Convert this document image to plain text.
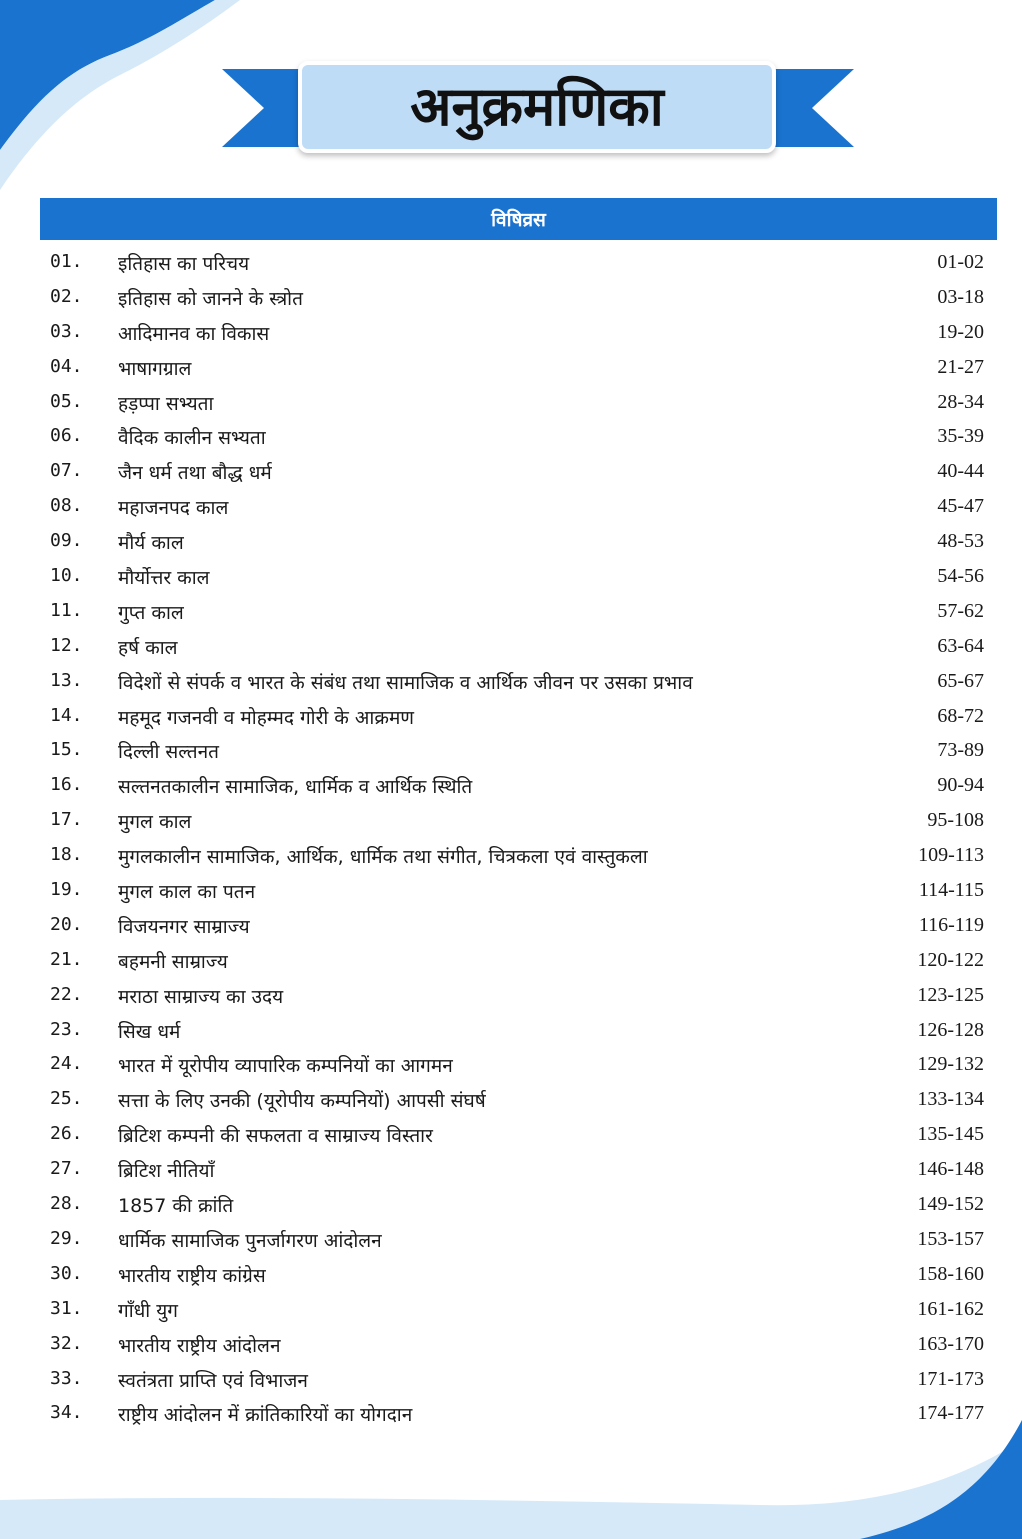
अनुक्रमणिका
विषिव्रस
01. इतिहास का परिचय	01-02
02. इतिहास को जानने के स्त्रोत	03-18
03. आदिमानव का विकास	19-20
04. भाषागग्राल	21-27
05. हड़प्पा सभ्यता	28-34
06. वैदिक कालीन सभ्यता	35-39
07. जैन धर्म तथा बौद्ध धर्म	40-44
08. महाजनपद काल	45-47
09. मौर्य काल	48-53
10. मौर्योत्तर काल	54-56
11. गुप्त काल	57-62
12. हर्ष काल	63-64
13. विदेशों से संपर्क व भारत के संबंध तथा सामाजिक व आर्थिक जीवन पर उसका प्रभाव	65-67
14. महमूद गजनवी व मोहम्मद गोरी के आक्रमण	68-72
15. दिल्ली सल्तनत	73-89
16. सल्तनतकालीन सामाजिक, धार्मिक व आर्थिक स्थिति	90-94
17. मुगल काल	95-108
18. मुगलकालीन सामाजिक, आर्थिक, धार्मिक तथा संगीत, चित्रकला एवं वास्तुकला	109-113
19. मुगल काल का पतन	114-115
20. विजयनगर साम्राज्य	116-119
21. बहमनी साम्राज्य	120-122
22. मराठा साम्राज्य का उदय	123-125
23. सिख धर्म	126-128
24. भारत में यूरोपीय व्यापारिक कम्पनियों का आगमन	129-132
25. सत्ता के लिए उनकी (यूरोपीय कम्पनियों) आपसी संघर्ष	133-134
26. ब्रिटिश कम्पनी की सफलता व साम्राज्य विस्तार	135-145
27. ब्रिटिश नीतियाँ	146-148
28. 1857 की क्रांति	149-152
29. धार्मिक सामाजिक पुनर्जागरण आंदोलन	153-157
30. भारतीय राष्ट्रीय कांग्रेस	158-160
31. गाँधी युग	161-162
32. भारतीय राष्ट्रीय आंदोलन	163-170
33. स्वतंत्रता प्राप्ति एवं विभाजन	171-173
34. राष्ट्रीय आंदोलन में क्रांतिकारियों का योगदान	174-177
